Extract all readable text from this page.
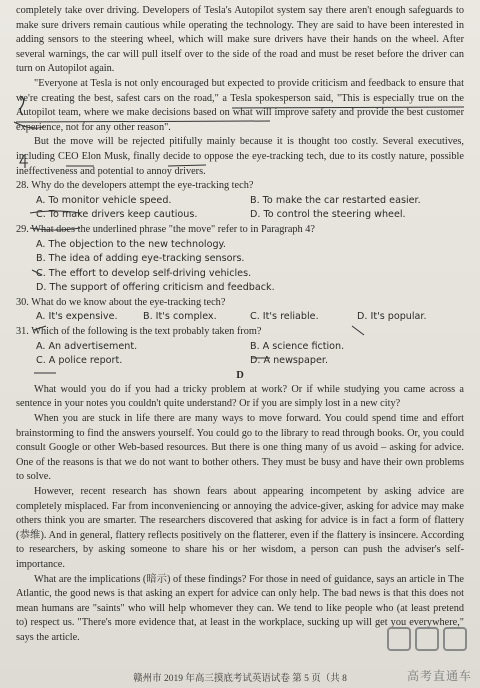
completely take over driving. Developers of Tesla's Autopilot system say there aren't enough safeguards to make sure drivers remain cautious while operating the technology. They are said to have been interested in adding sensors to the steering wheel, which will make sure drivers have their hands on the wheel. After several warnings, the car will pull itself over to the side of the road and must be reset before the driver can turn on Autopilot again.

"Everyone at Tesla is not only encouraged but expected to provide criticism and feedback to ensure that we're creating the best, safest cars on the road," a Tesla spokesperson said, "This is especially true on the Autopilot team, where we make decisions based on what will improve safety and provide the best customer experience, not for any other reason".

But the move will be rejected pitifully mainly because it is thought too costly. Several executives, including CEO Elon Musk, finally decide to oppose the eye-tracking tech, due to its costly nature, possible ineffectiveness and potential to annoy drivers.

28. Why do the developers attempt the eye-tracking tech?

A. To monitor vehicle speed.	B. To make the car restarted easier.
C. To make drivers keep cautious.	D. To control the steering wheel.

29. What does the underlined phrase "the move" refer to in Paragraph 4?

A. The objection to the new technology.
B. The idea of adding eye-tracking sensors.
C. The effort to develop self-driving vehicles.
D. The support of offering criticism and feedback.

30. What do we know about the eye-tracking tech?

A. It's expensive.	B. It's complex.	C. It's reliable.	D. It's popular.

31. Which of the following is the text probably taken from?

A. An advertisement.	B. A science fiction.
C. A police report.	D. A newspaper.

D

What would you do if you had a tricky problem at work? Or if while studying you came across a sentence in your notes you couldn't quite understand? Or if you are simply lost in a new city?

When you are stuck in life there are many ways to move forward. You could spend time and effort brainstorming to find the answers yourself. You could go to the library to read through books. Or, you could consult Google or other Web-based resources. But there is one thing many of us avoid – asking for advice. One of the reasons is that we do not want to bother others. They must be busy and have their own problems to solve.

However, recent research has shown fears about appearing incompetent by asking advice are completely misplaced. Far from inconveniencing or annoying the advice-giver, asking for advice may make others think you are smarter. The researchers discovered that asking for advice is in fact a form of flattery (恭维). And in general, flattery reflects positively on the flatterer, even if the flattery is insincere. According to researchers, by asking someone to share his or her wisdom, a person can push the adviser's self-importance.

What are the implications (暗示) of these findings? For those in need of guidance, says an article in The Atlantic, the good news is that asking an expert for advice can only help. The bad news is that this does not mean humans are "saints" who will help whomever they can. We tend to like people who (at least pretend to) respect us. "There's more evidence that, at least in the workplace, sucking up will get you everywhere," says the article.

赣州市 2019 年高三摸底考试英语试卷 第 5 页（共 8	高考直通车
